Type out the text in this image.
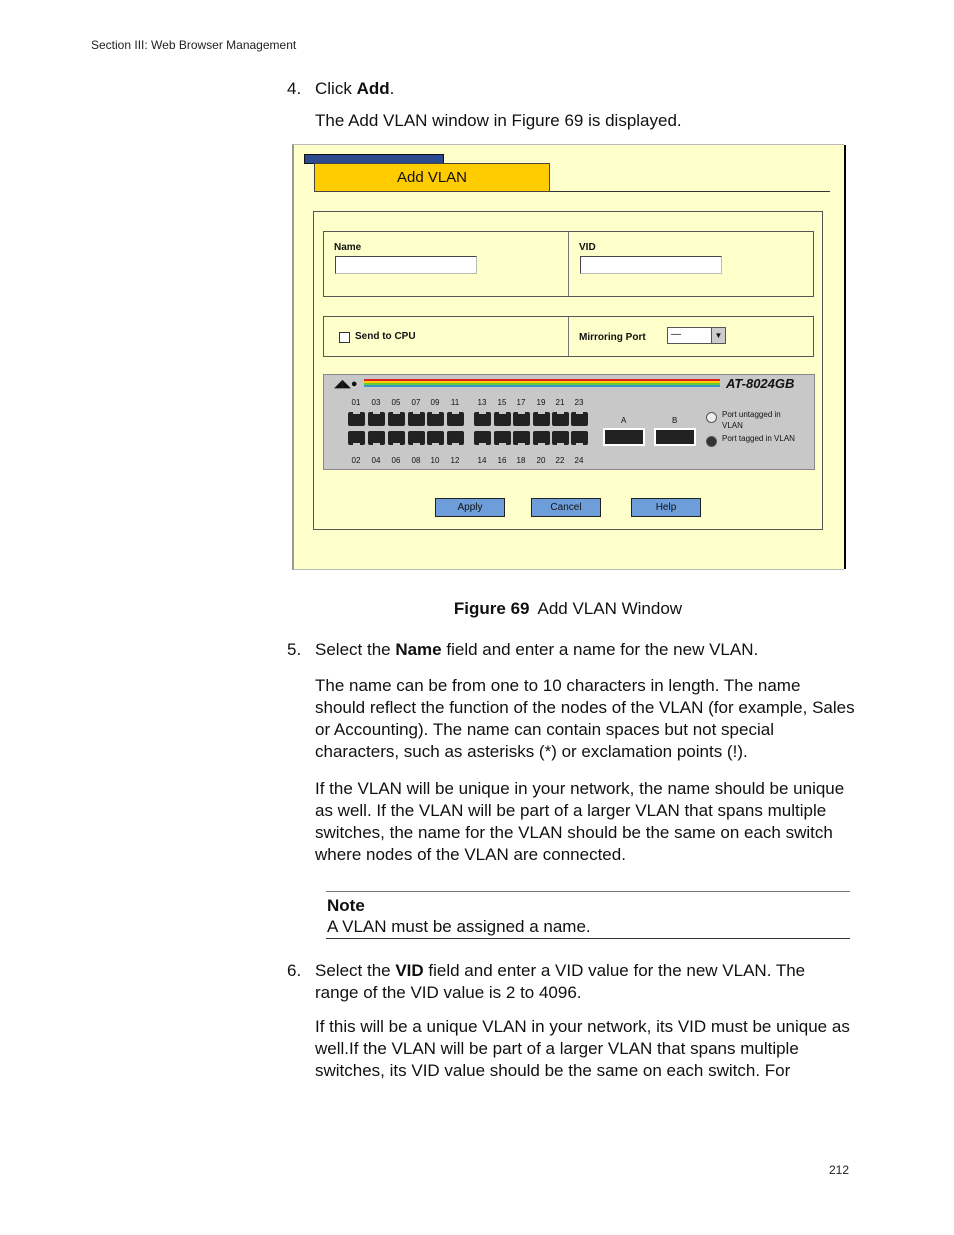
Section III: Web Browser Management
4. Click Add.
The Add VLAN window in Figure 69 is displayed.
Add VLAN
Name	VID
Send to CPU	Mirroring Port	—	▼
◢◣●	AT-8024GB
01	03	05	07	09	11	13	15	17	19	21	23
02	04	06	08	10	12	14	16	18	20	22	24
A	B
Port untagged in VLAN
Port tagged in VLAN
Apply	Cancel	Help
Figure 69 Add VLAN Window
5. Select the Name field and enter a name for the new VLAN.
The name can be from one to 10 characters in length. The name should reflect the function of the nodes of the VLAN (for example, Sales or Accounting). The name can contain spaces but not special characters, such as asterisks (*) or exclamation points (!).
If the VLAN will be unique in your network, the name should be unique as well. If the VLAN will be part of a larger VLAN that spans multiple switches, the name for the VLAN should be the same on each switch where nodes of the VLAN are connected.
Note
A VLAN must be assigned a name.
6. Select the VID field and enter a VID value for the new VLAN. The range of the VID value is 2 to 4096.
If this will be a unique VLAN in your network, its VID must be unique as well.If the VLAN will be part of a larger VLAN that spans multiple switches, its VID value should be the same on each switch. For
212
